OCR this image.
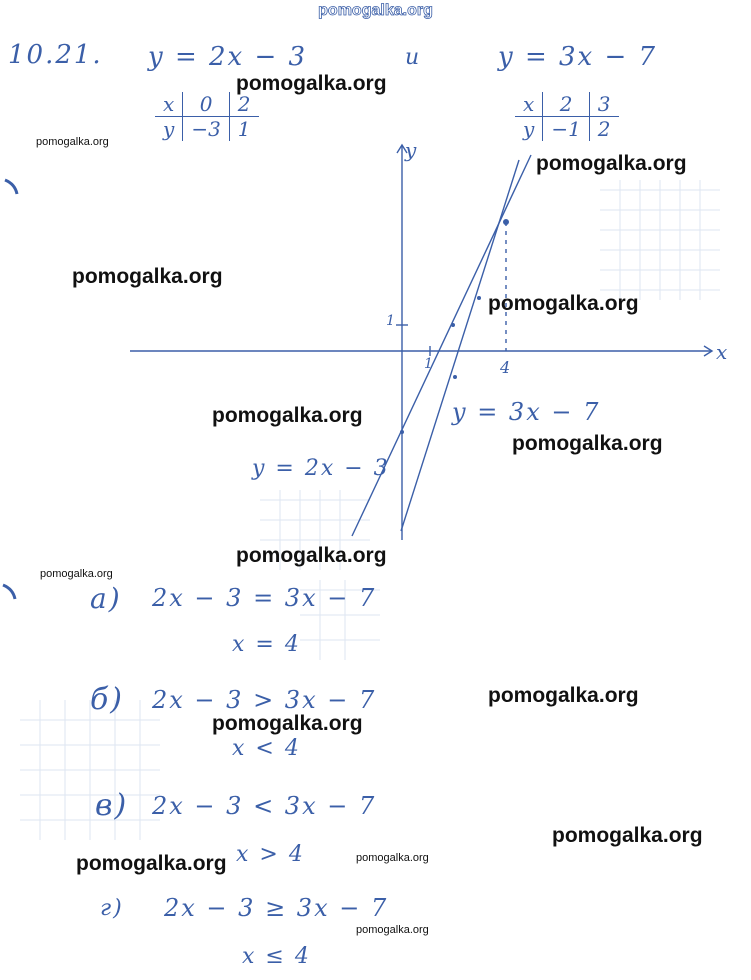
pomogalka.org
10.21. y = 2x − 3	и	y = 3x − 7
x	0	2
y	−3	1
x	2	3
y	−1	2
y
x
1
1	4
y = 2x − 3
y = 3x − 7
а) 2x − 3 = 3x − 7
x = 4
б) 2x − 3 > 3x − 7
x < 4
в) 2x − 3 < 3x − 7
x > 4
г) 2x − 3 ≥ 3x − 7
x ≤ 4
pomogalka.org
pomogalka.org
pomogalka.org
pomogalka.org
pomogalka.org
pomogalka.org
pomogalka.org
pomogalka.org
pomogalka.org
pomogalka.org
pomogalka.org
pomogalka.org
pomogalka.org	pomogalka.org
pomogalka.org
